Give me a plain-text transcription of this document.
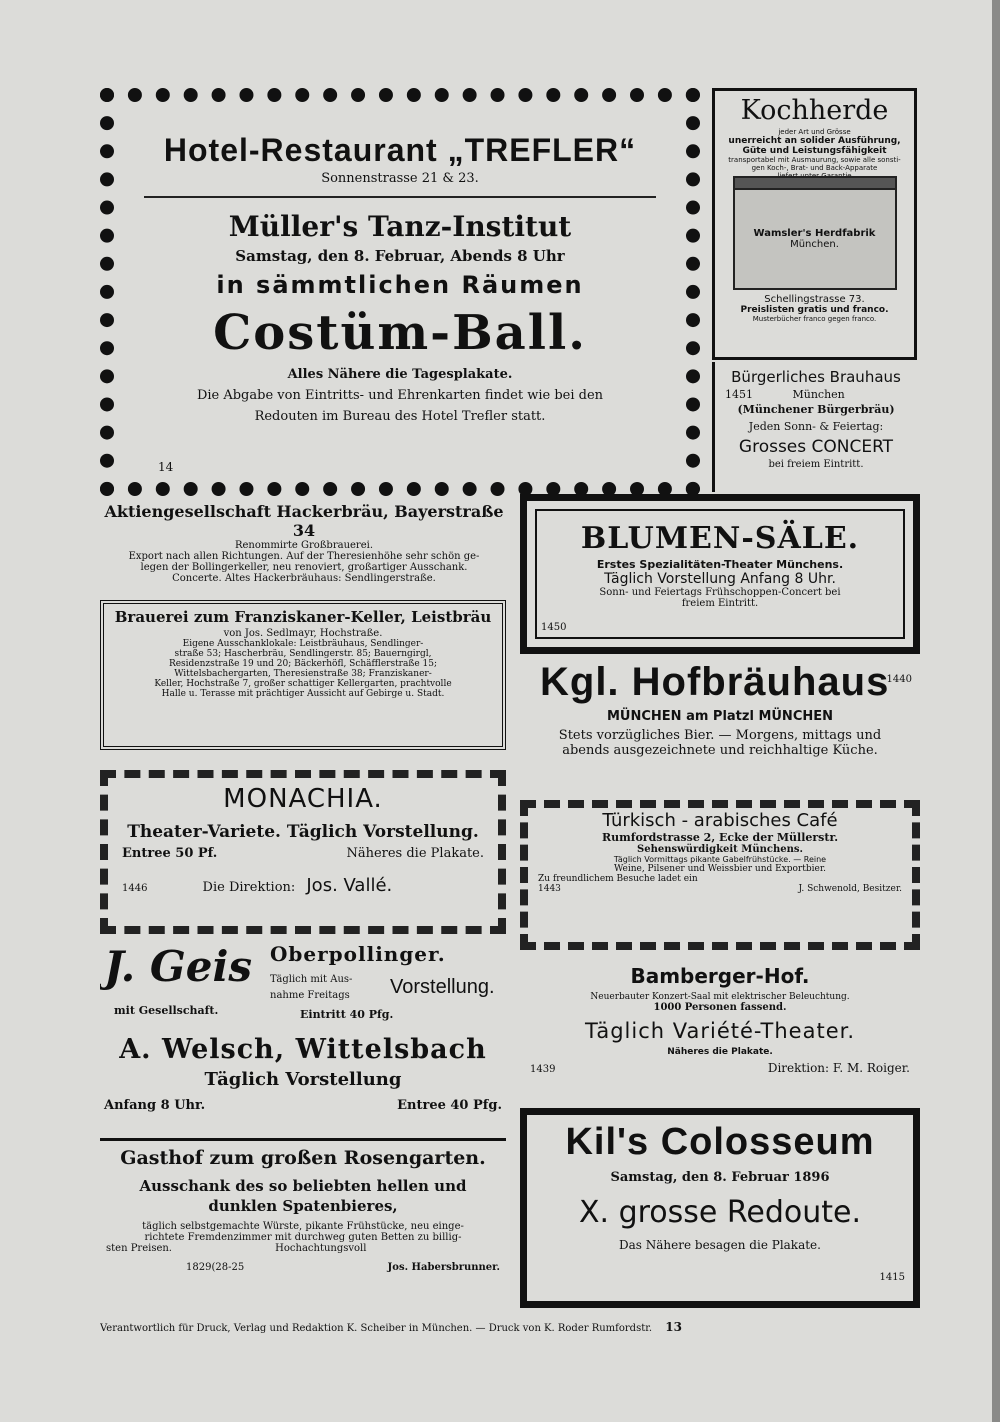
Hotel-Restaurant „TREFLER“
Sonnenstrasse 21 & 23.
Müller's Tanz-Institut
Samstag, den 8. Februar, Abends 8 Uhr
in sämmtlichen Räumen
Costüm-Ball.
Alles Nähere die Tagesplakate.
Die Abgabe von Eintritts- und Ehrenkarten findet wie bei den
Redouten im Bureau des Hotel Trefler statt.
14
Kochherde
jeder Art und Grösse
unerreicht an solider Ausführung,
Güte und Leistungsfähigkeit
transportabel mit Ausmaurung, sowie alle sonsti-
gen Koch-, Brat- und Back-Apparate
Wamsler's Herdfabrik
München.
Schellingstrasse 73.
Preislisten gratis und franco.
Musterbücher franco gegen franco.
Bürgerliches Brauhaus
1451	München
(Münchener Bürgerbräu)
Jeden Sonn- & Feiertag:
Grosses CONCERT
bei freiem Eintritt.
Aktiengesellschaft Hackerbräu, Bayerstraße 34
Renommirte Großbrauerei.
Export nach allen Richtungen. Auf der Theresienhöhe sehr schön ge-
legen der Bollingerkeller, neu renoviert, großartiger Ausschank.
Concerte. Altes Hackerbräuhaus: Sendlingerstraße.
BLUMEN-SÄLE.
Erstes Spezialitäten-Theater Münchens.
Täglich Vorstellung Anfang 8 Uhr.
Sonn- und Feiertags Frühschoppen-Concert bei
freiem Eintritt.
1450
Brauerei zum Franziskaner-Keller, Leistbräu
von Jos. Sedlmayr, Hochstraße.
Eigene Ausschanklokale: Leistbräuhaus, Sendlinger-
straße 53; Hascherbräu, Sendlingerstr. 85; Bauerngirgl,
Residenzstraße 19 und 20; Bäckerhöfl, Schäfflerstraße 15;
Wittelsbachergarten, Theresienstraße 38; Franziskaner-
Keller, Hochstraße 7, großer schattiger Kellergarten, prachtvolle
Halle u. Terasse mit prächtiger Aussicht auf Gebirge u. Stadt.	Kgl. Hofbräuhaus
1440
MÜNCHEN am Platzl MÜNCHEN
Stets vorzügliches Bier. — Morgens, mittags und
abends ausgezeichnete und reichhaltige Küche.
MONACHIA.
Theater-Variete. Täglich Vorstellung.
Entree 50 Pf.	Näheres die Plakate.
1446	Die Direktion: Jos. Vallé.
Türkisch - arabisches Café
Rumfordstrasse 2, Ecke der Müllerstr.
Sehenswürdigkeit Münchens.
Täglich Vormittags pikante Gabelfrühstücke. — Reine
Weine, Pilsener und Weissbier und Exportbier.
Zu freundlichem Besuche ladet ein
1443	J. Schwenold, Besitzer.
J. Geis
mit Gesellschaft.
Oberpollinger.
Täglich mit Aus-
nahme Freitags Vorstellung.
Eintritt 40 Pfg.
Bamberger-Hof.
Neuerbauter Konzert-Saal mit elektrischer Beleuchtung.
1000 Personen fassend.
Täglich Variété-Theater.
Näheres die Plakate.
1439	Direktion: F. M. Roiger.
A. Welsch, Wittelsbach
Täglich Vorstellung
Anfang 8 Uhr.	Entree 40 Pfg.
Kil's Colosseum
Samstag, den 8. Februar 1896
X. grosse Redoute.
Das Nähere besagen die Plakate.
1415
Gasthof zum großen Rosengarten.
Ausschank des so beliebten hellen und
dunklen Spatenbieres,
täglich selbstgemachte Würste, pikante Frühstücke, neu einge-
richtete Fremdenzimmer mit durchweg guten Betten zu billig-
sten Preisen.	Hochachtungsvoll
1829(28-25	Jos. Habersbrunner.
Verantwortlich für Druck, Verlag und Redaktion K. Scheiber in München. — Druck von K. Roder Rumfordstr. 13
